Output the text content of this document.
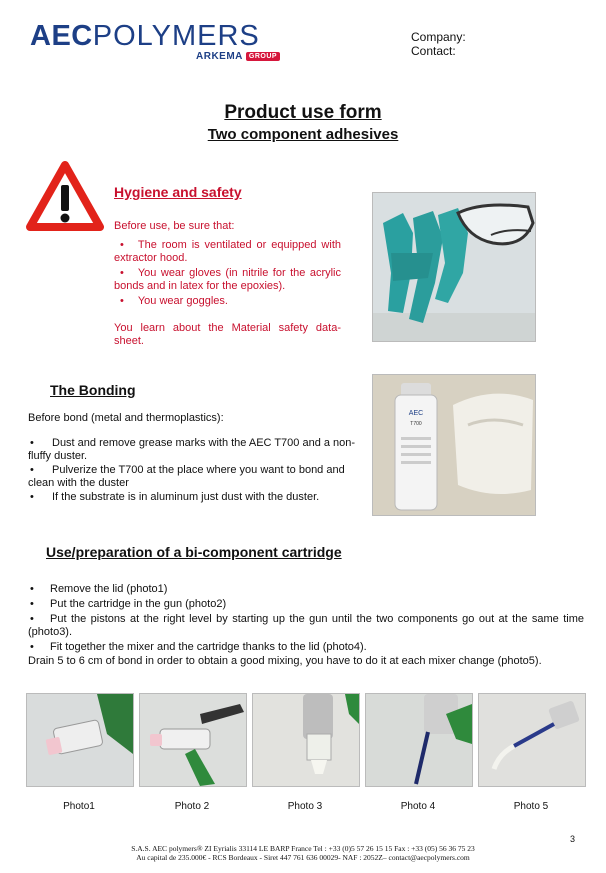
AECPOLYMERS
ARKEMA GROUP
Company:
Contact:
Product use form
Two component adhesives
Hygiene and safety

Before use, be sure that:

• The room is ventilated or equipped with extractor hood.
• You wear gloves (in nitrile for the acrylic bonds and in latex for the epoxies).
• You wear goggles.

You learn about the Material safety data-sheet.

The Bonding

Before bond (metal and thermoplastics):

• Dust and remove grease marks with the AEC T700 and a non-fluffy duster.
• Pulverize the T700 at the place where you want to bond and clean with the duster
• If the substrate is in aluminum just dust with the duster.
AEC
T700
Use/preparation of a bi-component cartridge
• Remove the lid (photo1)
• Put the cartridge in the gun (photo2)
• Put the pistons at the right level by starting up the gun until the two components go out at the same time (photo3).
• Fit together the mixer and the cartridge thanks to the lid (photo4).

Drain 5 to 6 cm of bond in order to obtain a good mixing, you have to do it at each mixer change (photo5).

Photo1	Photo 2	Photo 3	Photo 4	Photo 5
3
S.A.S. AEC polymers® ZI Eyrialis 33114 LE BARP France Tel : +33 (0)5 57 26 15 15 Fax : +33 (05) 56 36 75 23
Au capital de 235.000€ - RCS Bordeaux - Siret 447 761 636 00029- NAF : 2052Z– contact@aecpolymers.com
